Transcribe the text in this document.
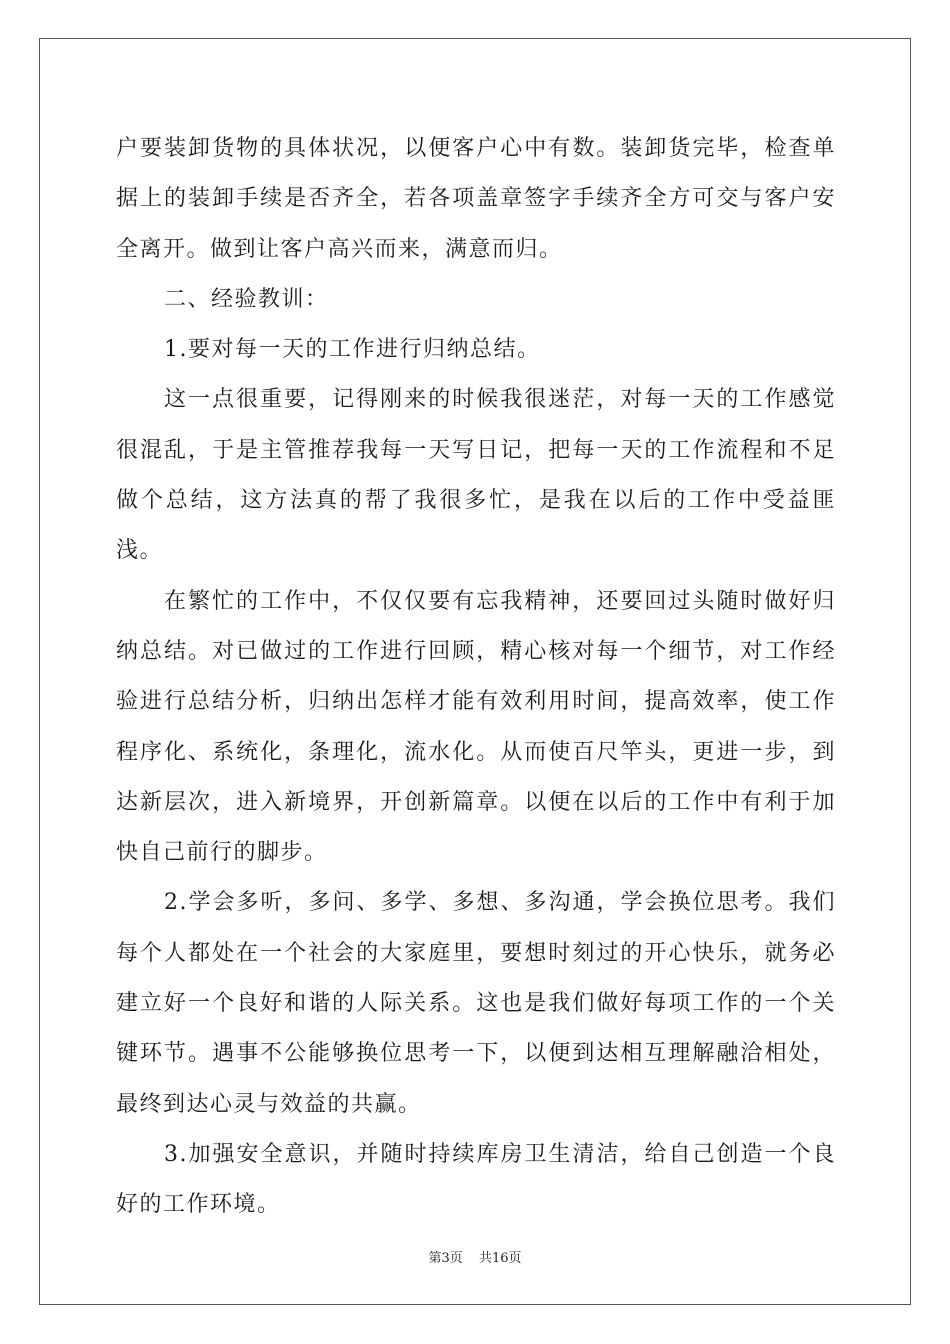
户要装卸货物的具体状况，以便客户心中有数。装卸货完毕，检查单据上的装卸手续是否齐全，若各项盖章签字手续齐全方可交与客户安全离开。做到让客户高兴而来，满意而归。

二、经验教训：

1.要对每一天的工作进行归纳总结。

这一点很重要，记得刚来的时候我很迷茫，对每一天的工作感觉很混乱，于是主管推荐我每一天写日记，把每一天的工作流程和不足做个总结，这方法真的帮了我很多忙，是我在以后的工作中受益匪浅。

在繁忙的工作中，不仅仅要有忘我精神，还要回过头随时做好归纳总结。对已做过的工作进行回顾，精心核对每一个细节，对工作经验进行总结分析，归纳出怎样才能有效利用时间，提高效率，使工作程序化、系统化，条理化，流水化。从而使百尺竿头，更进一步，到达新层次，进入新境界，开创新篇章。以便在以后的工作中有利于加快自己前行的脚步。

2.学会多听，多问、多学、多想、多沟通，学会换位思考。我们每个人都处在一个社会的大家庭里，要想时刻过的开心快乐，就务必建立好一个良好和谐的人际关系。这也是我们做好每项工作的一个关键环节。遇事不公能够换位思考一下，以便到达相互理解融洽相处，最终到达心灵与效益的共赢。

3.加强安全意识，并随时持续库房卫生清洁，给自己创造一个良好的工作环境。

第3页 共16页
